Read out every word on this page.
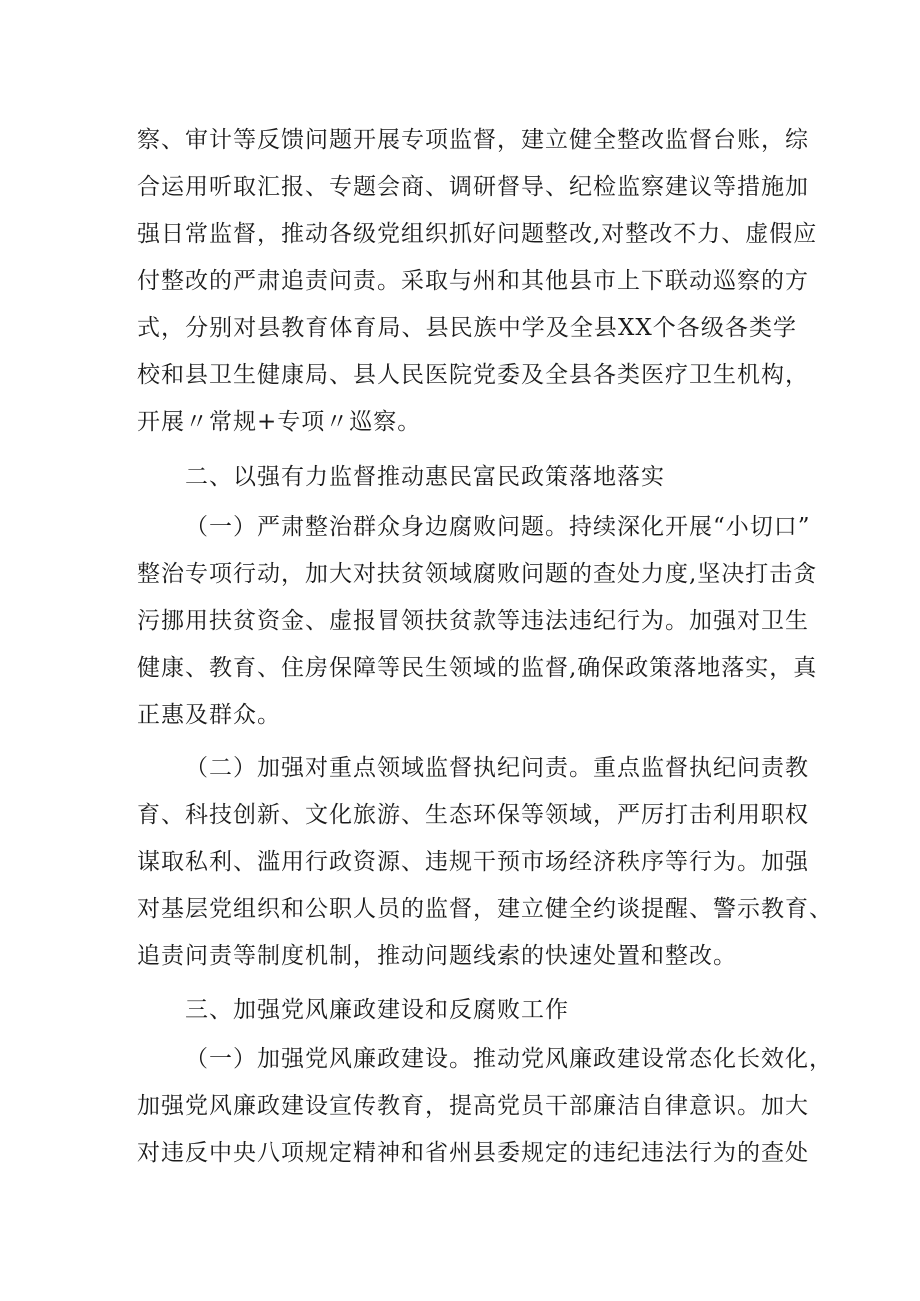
察、审计等反馈问题开展专项监督，建立健全整改监督台账，综
合运用听取汇报、专题会商、调研督导、纪检监察建议等措施加
强日常监督，推动各级党组织抓好问题整改,对整改不力、虚假应
付整改的严肃追责问责。采取与州和其他县市上下联动巡察的方
式，分别对县教育体育局、县民族中学及全县XX个各级各类学
校和县卫生健康局、县人民医院党委及全县各类医疗卫生机构，
开展〃常规+专项〃巡察。
二、以强有力监督推动惠民富民政策落地落实
（一）严肃整治群众身边腐败问题。持续深化开展“小切口”
整治专项行动，加大对扶贫领域腐败问题的查处力度,坚决打击贪
污挪用扶贫资金、虚报冒领扶贫款等违法违纪行为。加强对卫生
健康、教育、住房保障等民生领域的监督,确保政策落地落实，真
正惠及群众。
（二）加强对重点领域监督执纪问责。重点监督执纪问责教
育、科技创新、文化旅游、生态环保等领域，严厉打击利用职权
谋取私利、滥用行政资源、违规干预市场经济秩序等行为。加强
对基层党组织和公职人员的监督，建立健全约谈提醒、警示教育、
追责问责等制度机制，推动问题线索的快速处置和整改。
三、加强党风廉政建设和反腐败工作
（一）加强党风廉政建设。推动党风廉政建设常态化长效化，
加强党风廉政建设宣传教育，提高党员干部廉洁自律意识。加大
对违反中央八项规定精神和省州县委规定的违纪违法行为的查处
